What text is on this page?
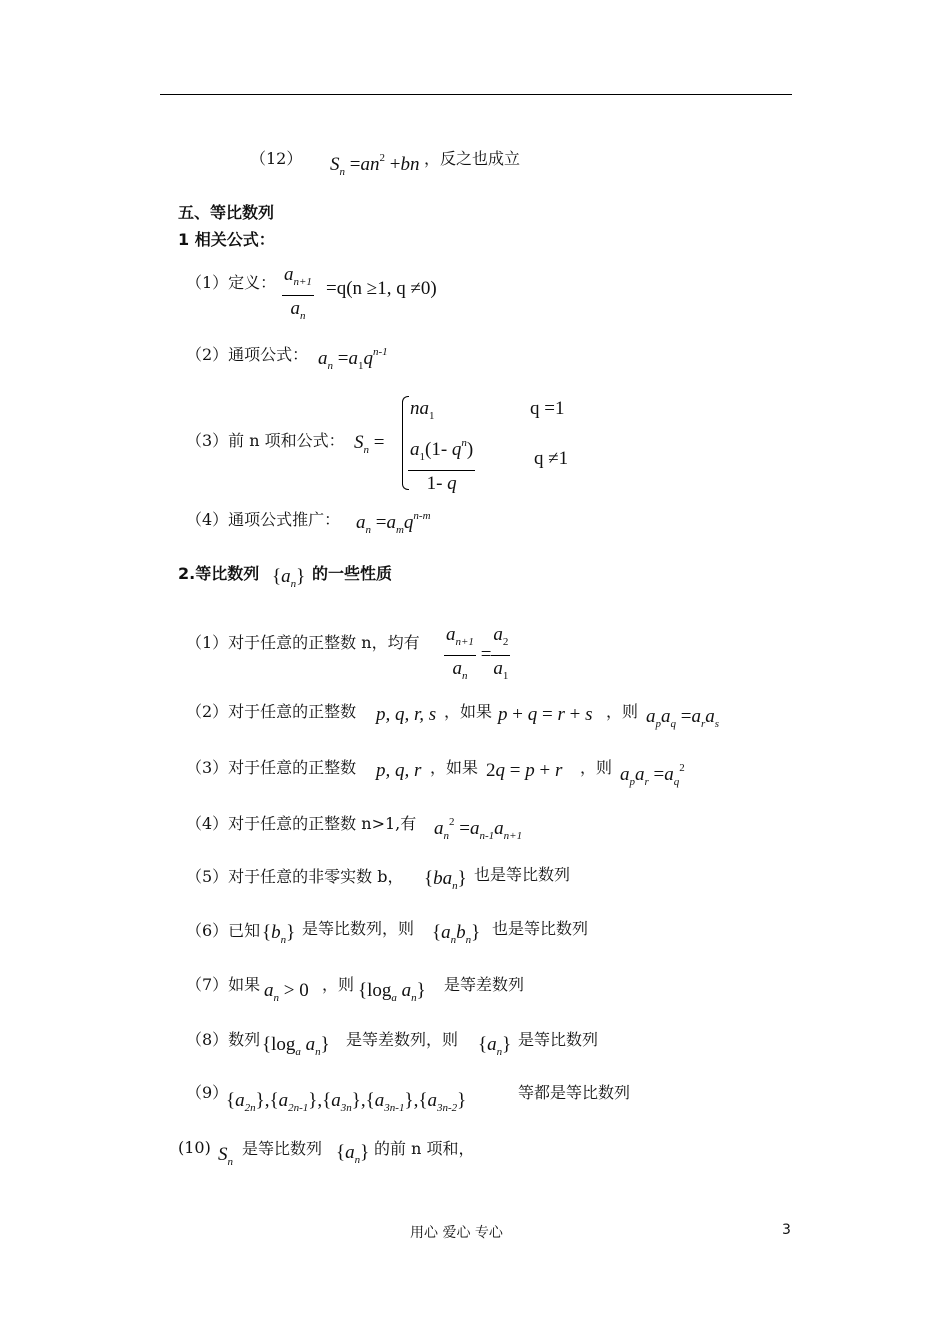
（12） $S_n =an^2 +bn$ ，反之也成立
五、等比数列
1 相关公式：
（1）定义： $\frac{a_{n+1}}{a_n} =q(n \ge 1$, q ≠0)
（2）通项公式： $a_n =a_1q^{n-1}$
（3）前 n 项和公式： $S_n$ =
$na_1$
$\frac{a_1(1- q^n)}{1- q}$
q =1
q ≠1
（4）通项公式推广： $a_n =a_mq^{n-m}$
2.等比数列 $\{a_n\}$ 的一些性质
（1）对于任意的正整数 n，均有 $\frac{a_{n+1}}{a_n} = \frac{a_2}{a_1}$
（2）对于任意的正整数 p, q, r, s ，如果 p + q = r + s ，则 $a_pa_q =a_ra_s$
（3）对于任意的正整数 p, q, r ，如果 2q = p + r ，则 $a_pa_r =a_q^2$
（4）对于任意的正整数 n>1,有 $a_n^2 =a_{n-1}a_{n+1}$
（5）对于任意的非零实数 b， $\{ba_n\}$ 也是等比数列
（6）已知 $\{b_n\}$ 是等比数列，则 $\{a_nb_n\}$ 也是等比数列
（7）如果 $a_n > 0$ ，则 {$\log_a$ $a_n$} 是等差数列
（8）数列 {$\log_a$ $a_n$} 是等差数列，则 $\{a_n\}$ 是等比数列
（9）
$\{a_{2n}\},\{a_{2n-1}\},\{a_{3n}\},\{a_{3n-1}\},\{a_{3n-2}\}$	等都是等比数列
(10) $S_n$
是等比数列 $\{a_n\}$ 的前 n 项和，
用心 爱心 专心	3
